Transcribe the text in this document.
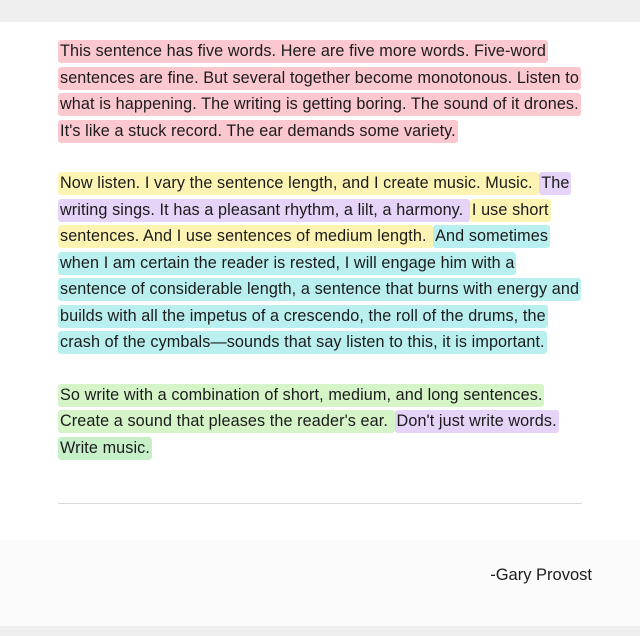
This sentence has five words. Here are five more words. Five-word sentences are fine. But several together become monotonous. Listen to what is happening. The writing is getting boring. The sound of it drones. It's like a stuck record. The ear demands some variety.

Now listen. I vary the sentence length, and I create music. Music. The writing sings. It has a pleasant rhythm, a lilt, a harmony. I use short sentences. And I use sentences of medium length. And sometimes when I am certain the reader is rested, I will engage him with a sentence of considerable length, a sentence that burns with energy and builds with all the impetus of a crescendo, the roll of the drums, the crash of the cymbals—sounds that say listen to this, it is important.

So write with a combination of short, medium, and long sentences. Create a sound that pleases the reader's ear. Don't just write words. Write music.

-Gary Provost
